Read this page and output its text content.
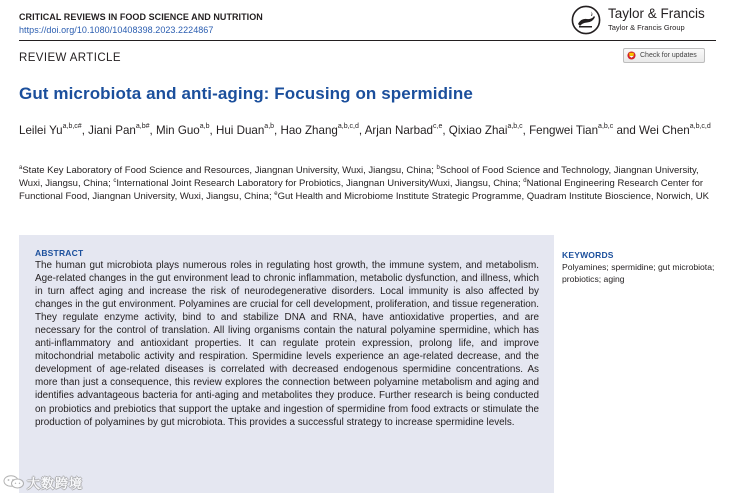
CRITICAL REVIEWS IN FOOD SCIENCE AND NUTRITION
https://doi.org/10.1080/10408398.2023.2224867
Taylor & Francis
Taylor & Francis Group
REVIEW ARTICLE	Check for updates
Gut microbiota and anti-aging: Focusing on spermidine
Leilei $Yu^{a,b,c\#}$, Jiani Pan$^{a,b\#}$, Min Guo$^{a,b}$, Hui Duan$^{a,b}$, Hao Zhang$^{a,b,c,d}$, Arjan Narbad$^{c,e}$, Qixiao Zhai$^{a,b,c}$, Fengwei Tian$^{a,b,c}$ and Wei Chen$^{a,b,c,d}$
$^a$State Key Laboratory of Food Science and Resources, Jiangnan University, Wuxi, Jiangsu, China; $^b$School of Food Science and Technology, Jiangnan University, Wuxi, Jiangsu, China; $^c$International Joint Research Laboratory for Probiotics, Jiangnan UniversityWuxi, Jiangsu, China; $^d$National Engineering Research Center for Functional Food, Jiangnan University, Wuxi, Jiangsu, China; $^e$Gut Health and Microbiome Institute Strategic Programme, Quadram Institute Bioscience, Norwich, UK
ABSTRACT
The human gut microbiota plays numerous roles in regulating host growth, the immune system, and metabolism. Age-related changes in the gut environment lead to chronic inflammation, metabolic dysfunction, and illness, which in turn affect aging and increase the risk of neurodegenerative disorders. Local immunity is also affected by changes in the gut environment. Polyamines are crucial for cell development, proliferation, and tissue regeneration. They regulate enzyme activity, bind to and stabilize DNA and RNA, have antioxidative properties, and are necessary for the control of translation. All living organisms contain the natural polyamine spermidine, which has anti-inflammatory and antioxidant properties. It can regulate protein expression, prolong life, and improve mitochondrial metabolic activity and respiration. Spermidine levels experience an age-related decrease, and the development of age-related diseases is correlated with decreased endogenous spermidine concentrations. As more than just a consequence, this review explores the connection between polyamine metabolism and aging and identifies advantageous bacteria for anti-aging and metabolites they produce. Further research is being conducted on probiotics and prebiotics that support the uptake and ingestion of spermidine from food extracts or stimulate the production of polyamines by gut microbiota. This provides a successful strategy to increase spermidine levels.
KEYWORDS
Polyamines; spermidine; gut microbiota; probiotics; aging
大数跨境
